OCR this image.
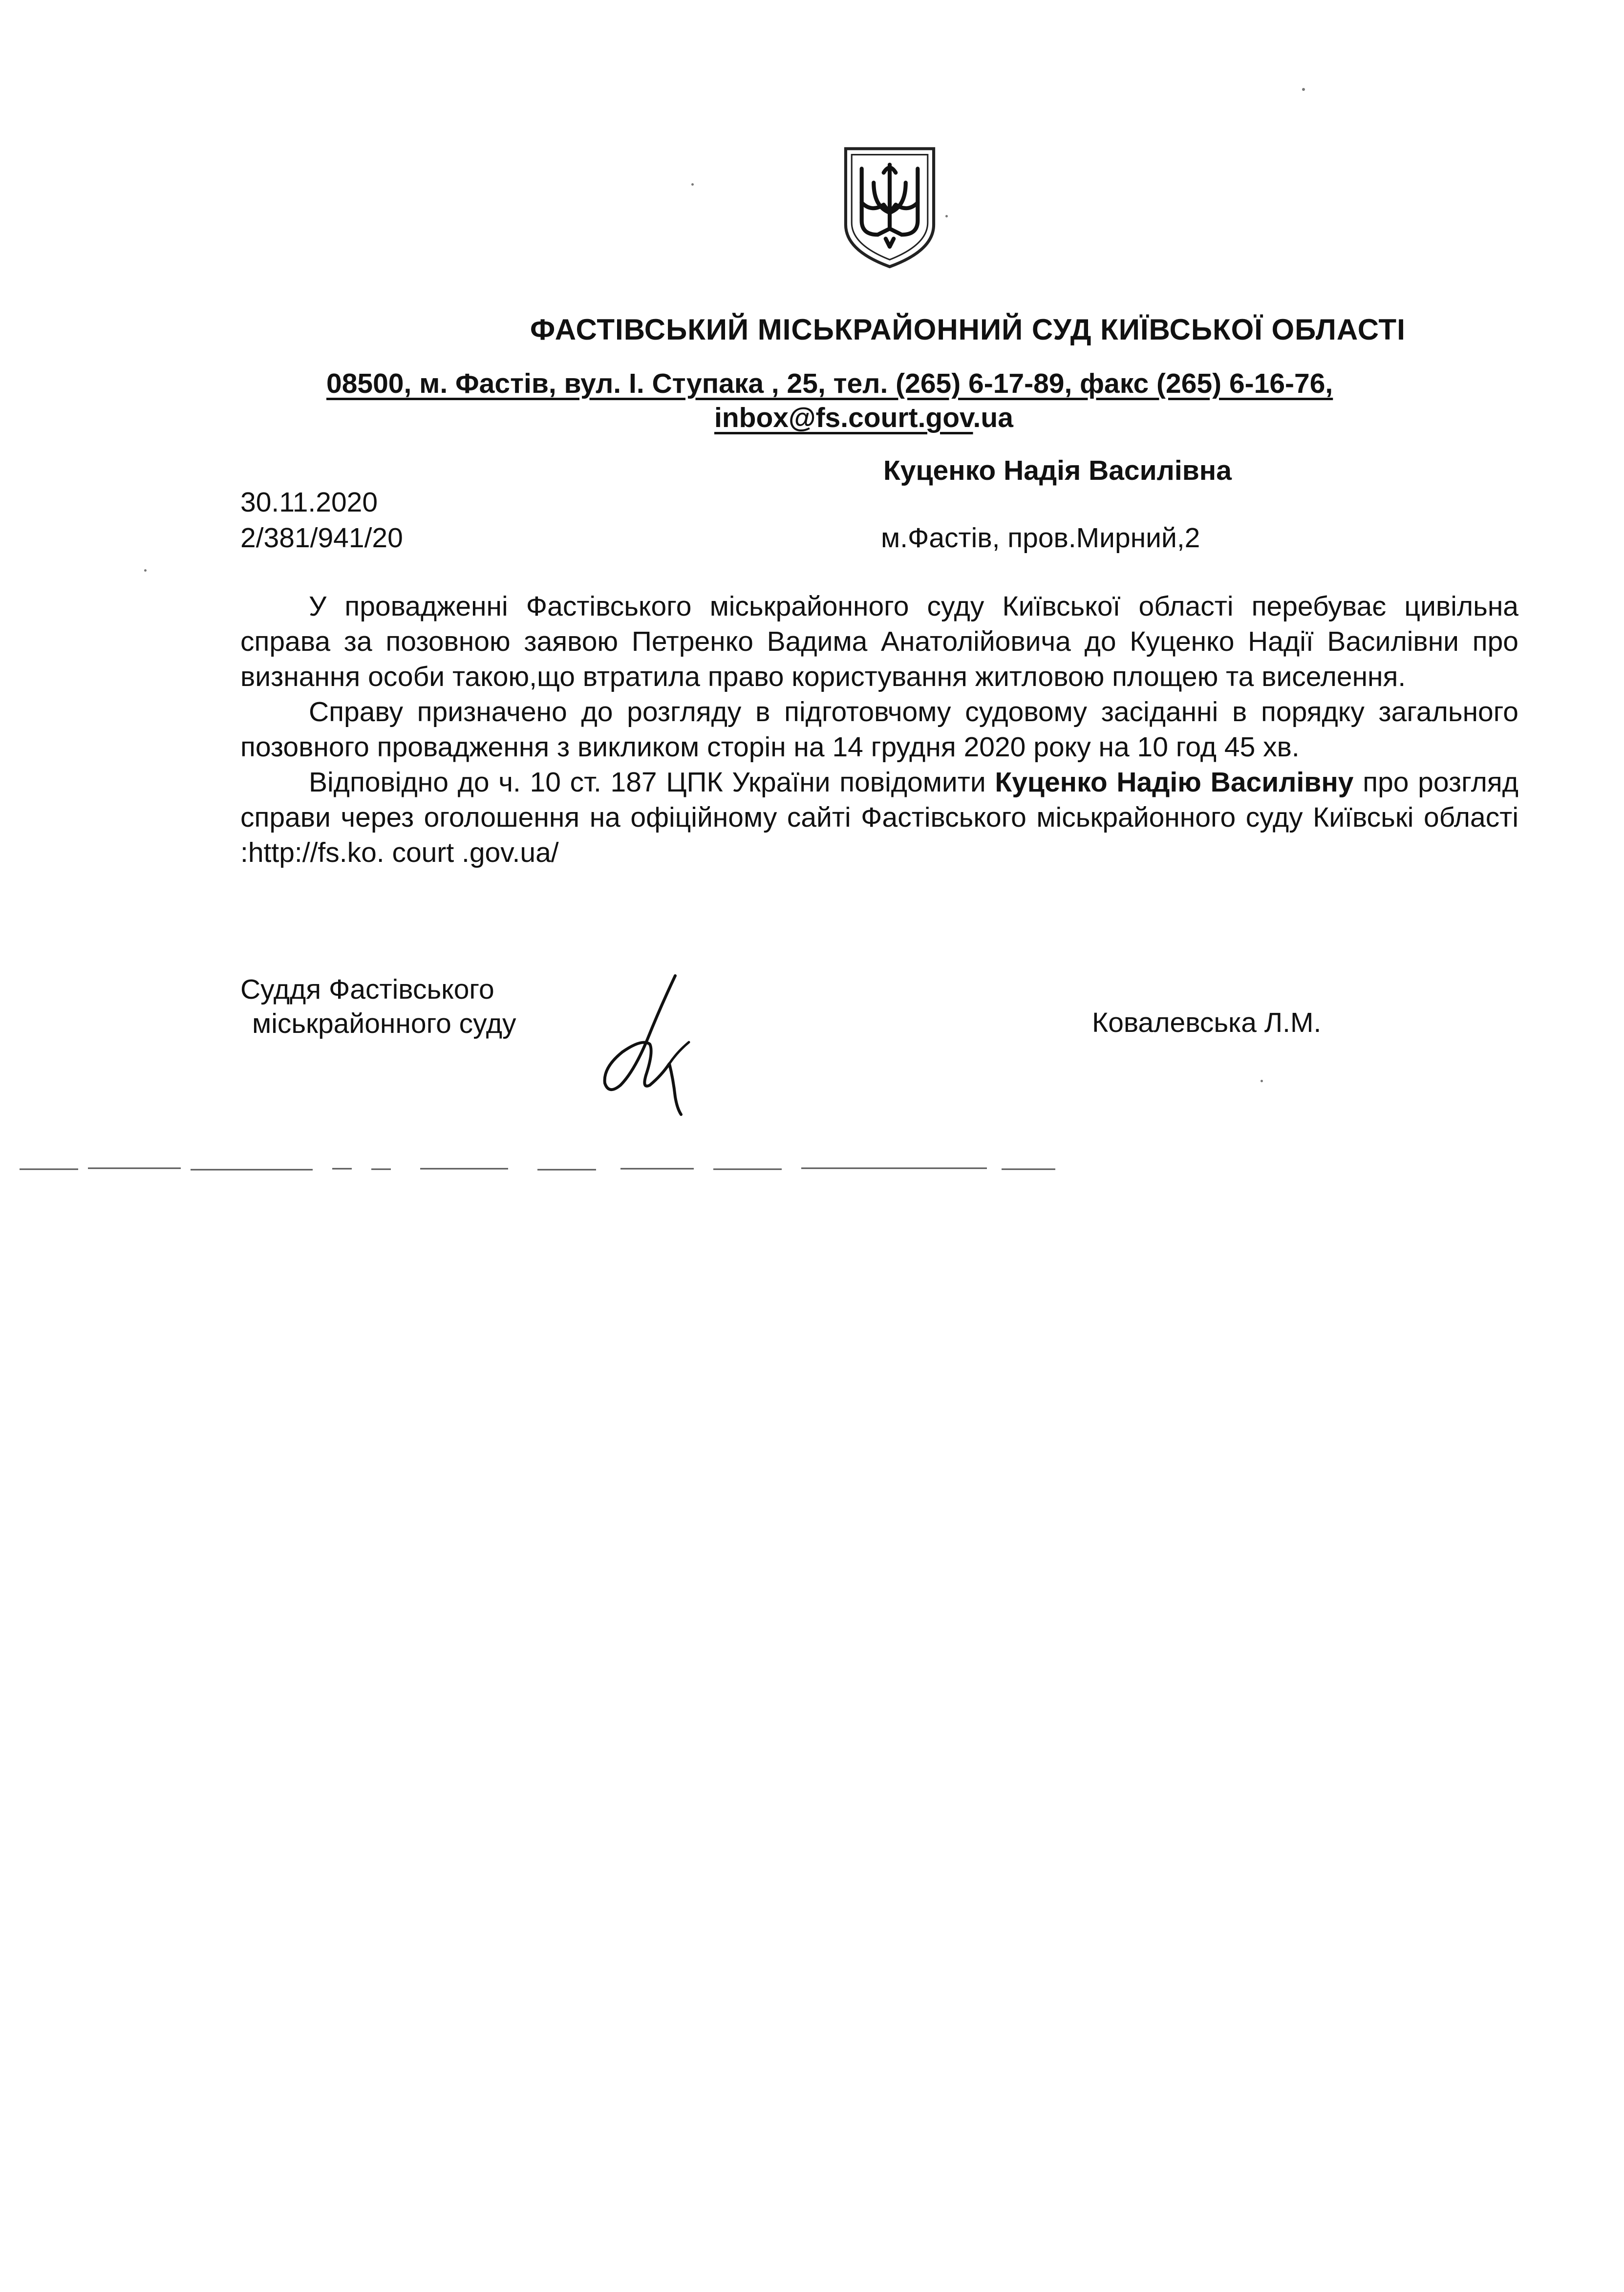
ФАСТІВСЬКИЙ МІСЬКРАЙОННИЙ СУД КИЇВСЬКОЇ ОБЛАСТІ
08500, м. Фастів, вул. І. Ступака , 25, тел. (265) 6-17-89, факс (265) 6-16-76,
inbox@fs.court.gov.ua
Куценко Надія Василівна
30.11.2020
2/381/941/20	м.Фастів, пров.Мирний,2

У провадженні Фастівського міськрайонного суду Київської області перебуває цивільна справа за позовною заявою Петренко Вадима Анатолійовича до Куценко Надії Василівни про визнання особи такою,що втратила право користування житловою площею та виселення.

Справу призначено до розгляду в підготовчому судовому засіданні в порядку загального позовного провадження з викликом сторін на 14 грудня 2020 року на 10 год 45 хв.

Відповідно до ч. 10 ст. 187 ЦПК України повідомити Куценко Надію Василівну про розгляд справи через оголошення на офіційному сайті Фастівського міськрайонного суду Київські області :http://fs.ko. court .gov.ua/

Суддя Фастівського
міськрайонного суду	Ковалевська Л.М.
